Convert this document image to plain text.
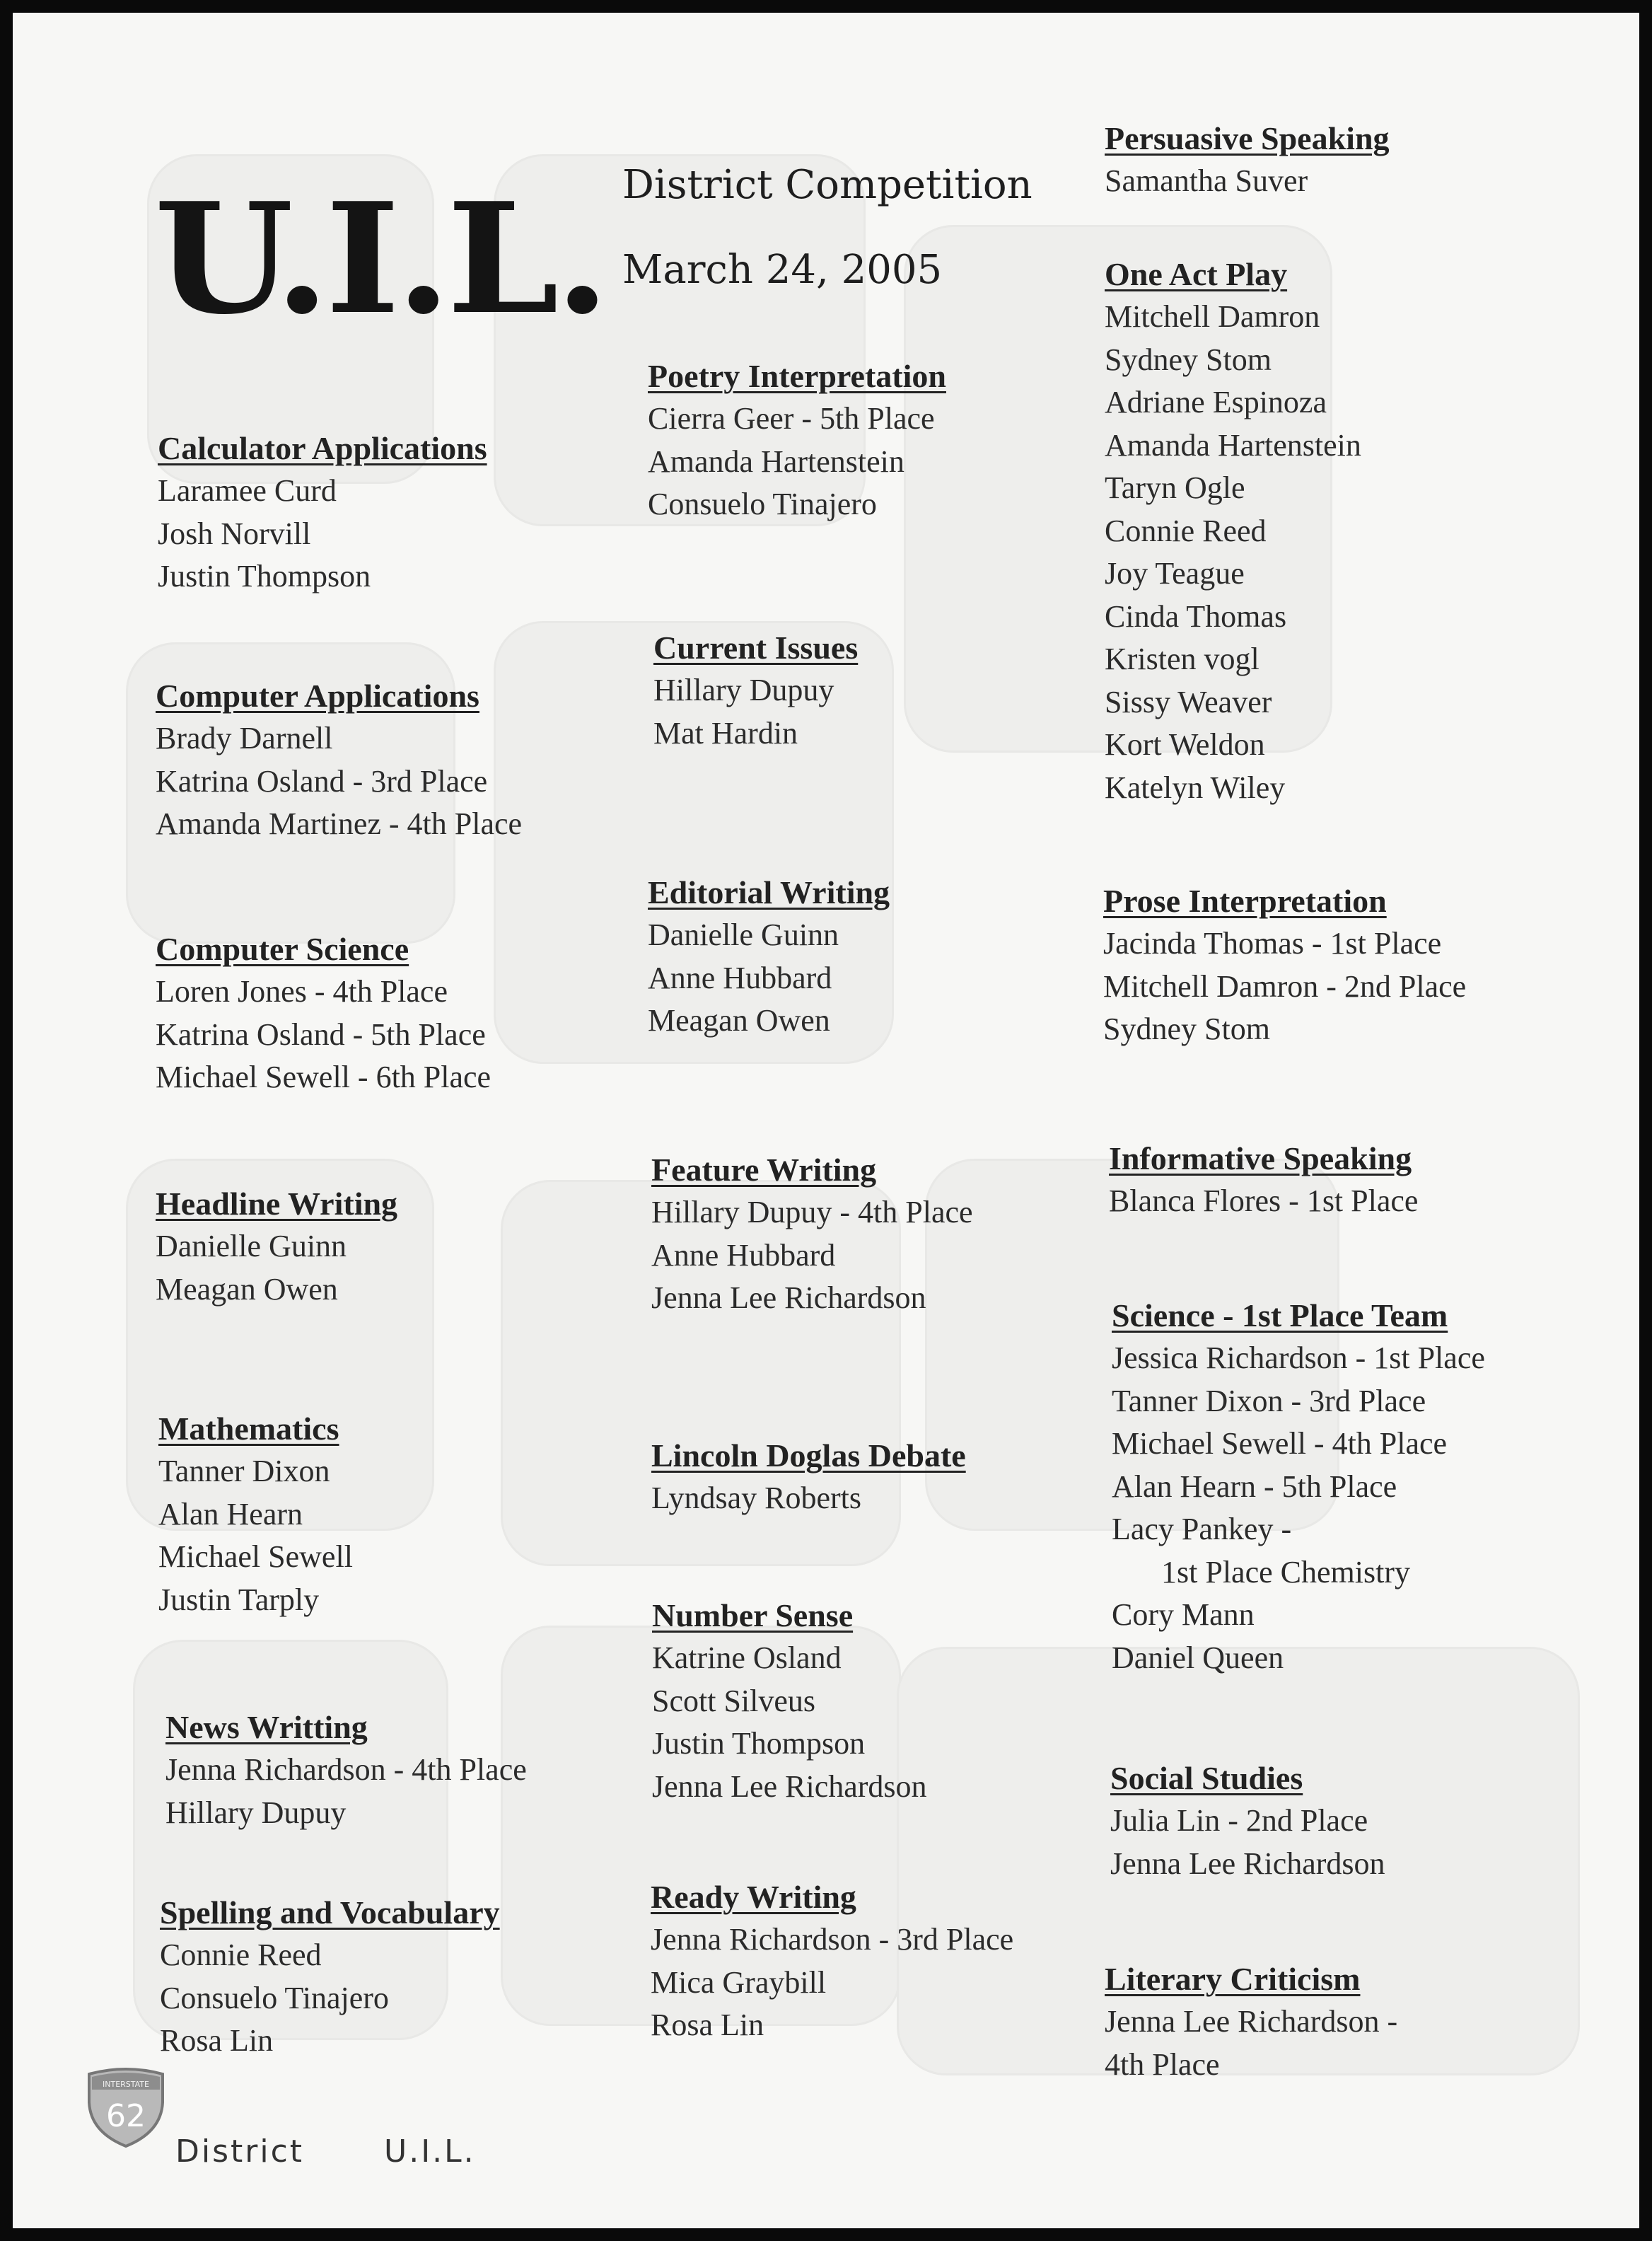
U.I.L. District Competition
March 24, 2005
Calculator Applications
Laramee Curd
Josh Norvill
Justin Thompson
Computer Applications
Brady Darnell
Katrina Osland - 3rd Place
Amanda Martinez - 4th Place
Computer Science
Loren Jones - 4th Place
Katrina Osland - 5th Place
Michael Sewell - 6th Place
Headline Writing
Danielle Guinn
Meagan Owen
Mathematics
Tanner Dixon
Alan Hearn
Michael Sewell
Justin Tarply
News Writting
Jenna Richardson - 4th Place
Hillary Dupuy
Spelling and Vocabulary
Connie Reed
Consuelo Tinajero
Rosa Lin
Poetry Interpretation
Cierra Geer - 5th Place
Amanda Hartenstein
Consuelo Tinajero
Current Issues
Hillary Dupuy
Mat Hardin
Editorial Writing
Danielle Guinn
Anne Hubbard
Meagan Owen
Feature Writing
Hillary Dupuy - 4th Place
Anne Hubbard
Jenna Lee Richardson
Lincoln Doglas Debate
Lyndsay Roberts
Number Sense
Katrine Osland
Scott Silveus
Justin Thompson
Jenna Lee Richardson
Ready Writing
Jenna Richardson - 3rd Place
Mica Graybill
Rosa Lin
Persuasive Speaking
Samantha Suver
One Act Play
Mitchell Damron
Sydney Stom
Adriane Espinoza
Amanda Hartenstein
Taryn Ogle
Connie Reed
Joy Teague
Cinda Thomas
Kristen vogl
Sissy Weaver
Kort Weldon
Katelyn Wiley
Prose Interpretation
Jacinda Thomas - 1st Place
Mitchell Damron - 2nd Place
Sydney Stom
Informative Speaking
Blanca Flores - 1st Place
Science - 1st Place Team
Jessica Richardson - 1st Place
Tanner Dixon - 3rd Place
Michael Sewell - 4th Place
Alan Hearn - 5th Place
Lacy Pankey -
1st Place Chemistry
Cory Mann
Daniel Queen
Social Studies
Julia Lin - 2nd Place
Jenna Lee Richardson
Literary Criticism
Jenna Lee Richardson -
4th Place
INTERSTATE
62
District	U.I.L.
